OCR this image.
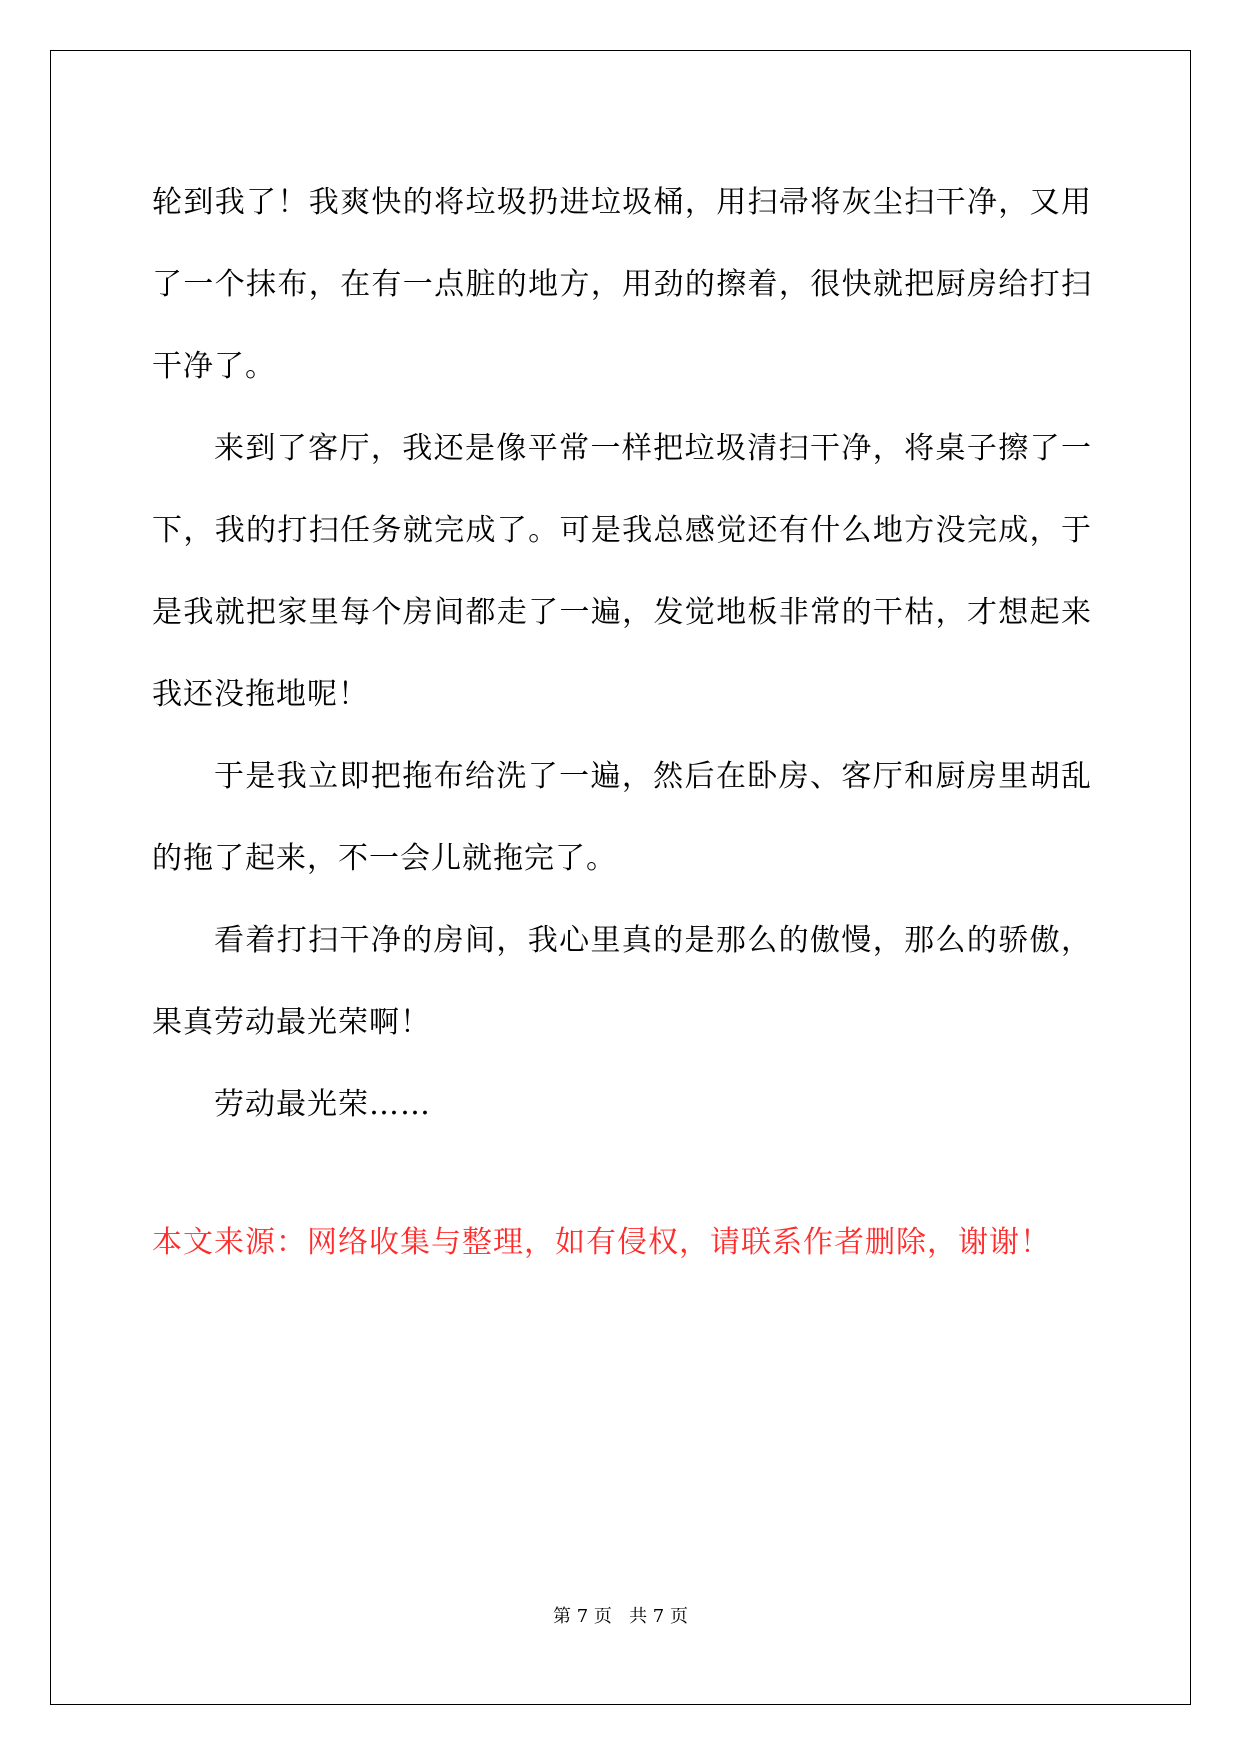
轮到我了！我爽快的将垃圾扔进垃圾桶，用扫帚将灰尘扫干净，又用了一个抹布，在有一点脏的地方，用劲的擦着，很快就把厨房给打扫干净了。

来到了客厅，我还是像平常一样把垃圾清扫干净，将桌子擦了一下，我的打扫任务就完成了。可是我总感觉还有什么地方没完成，于是我就把家里每个房间都走了一遍，发觉地板非常的干枯，才想起来我还没拖地呢！

于是我立即把拖布给洗了一遍，然后在卧房、客厅和厨房里胡乱的拖了起来，不一会儿就拖完了。

看着打扫干净的房间，我心里真的是那么的傲慢，那么的骄傲，果真劳动最光荣啊！

劳动最光荣……

本文来源：网络收集与整理，如有侵权，请联系作者删除，谢谢！
第 7 页 共 7 页
